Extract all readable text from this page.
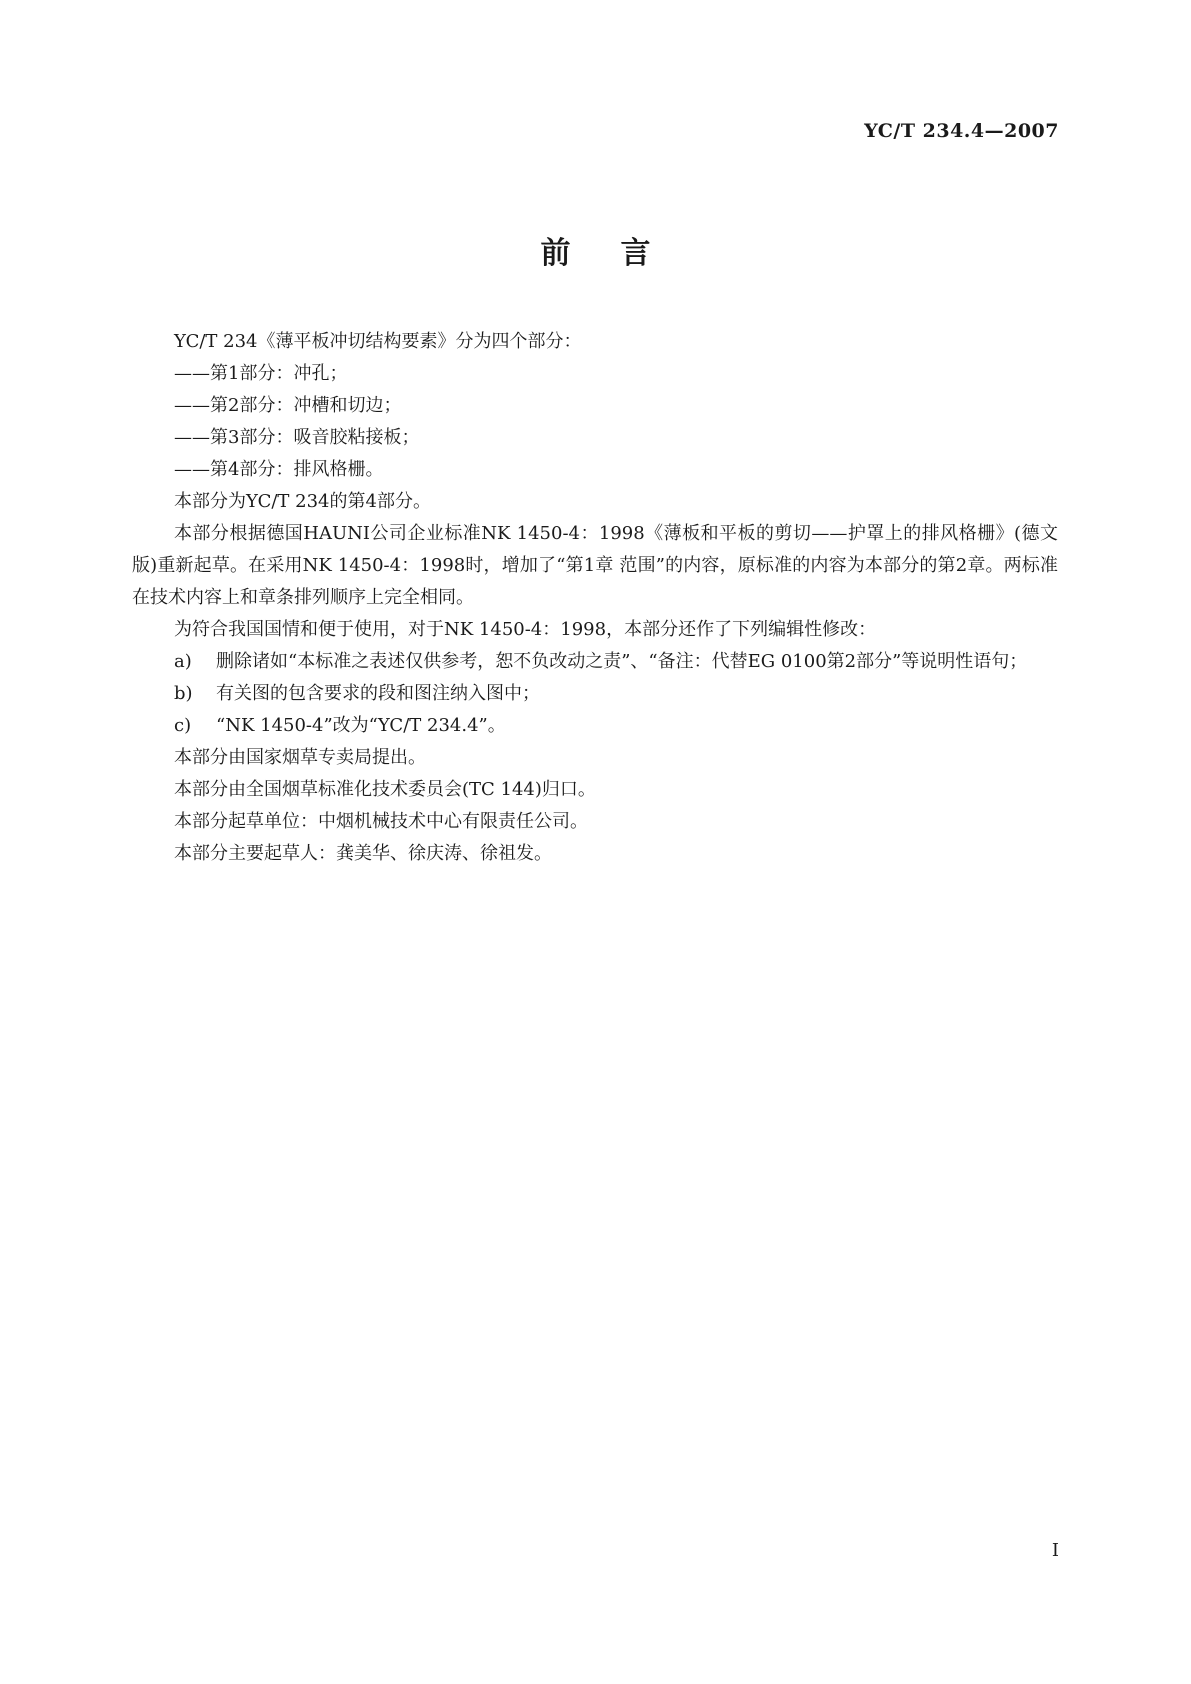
YC/T 234.4—2007
前言

YC/T 234《薄平板冲切结构要素》分为四个部分：

——第1部分：冲孔；

——第2部分：冲槽和切边；

——第3部分：吸音胶粘接板；

——第4部分：排风格栅。

本部分为YC/T 234的第4部分。

本部分根据德国HAUNI公司企业标准NK 1450-4：1998《薄板和平板的剪切——护罩上的排风格栅》(德文版)重新起草。在采用NK 1450-4：1998时，增加了“第1章 范围”的内容，原标准的内容为本部分的第2章。两标准在技术内容上和章条排列顺序上完全相同。

为符合我国国情和便于使用，对于NK 1450-4：1998，本部分还作了下列编辑性修改：

a) 删除诸如“本标准之表述仅供参考，恕不负改动之责”、“备注：代替EG 0100第2部分”等说明性语句；

b) 有关图的包含要求的段和图注纳入图中；

c) “NK 1450-4”改为“YC/T 234.4”。

本部分由国家烟草专卖局提出。

本部分由全国烟草标准化技术委员会(TC 144)归口。

本部分起草单位：中烟机械技术中心有限责任公司。

本部分主要起草人：龚美华、徐庆涛、徐祖发。

I
